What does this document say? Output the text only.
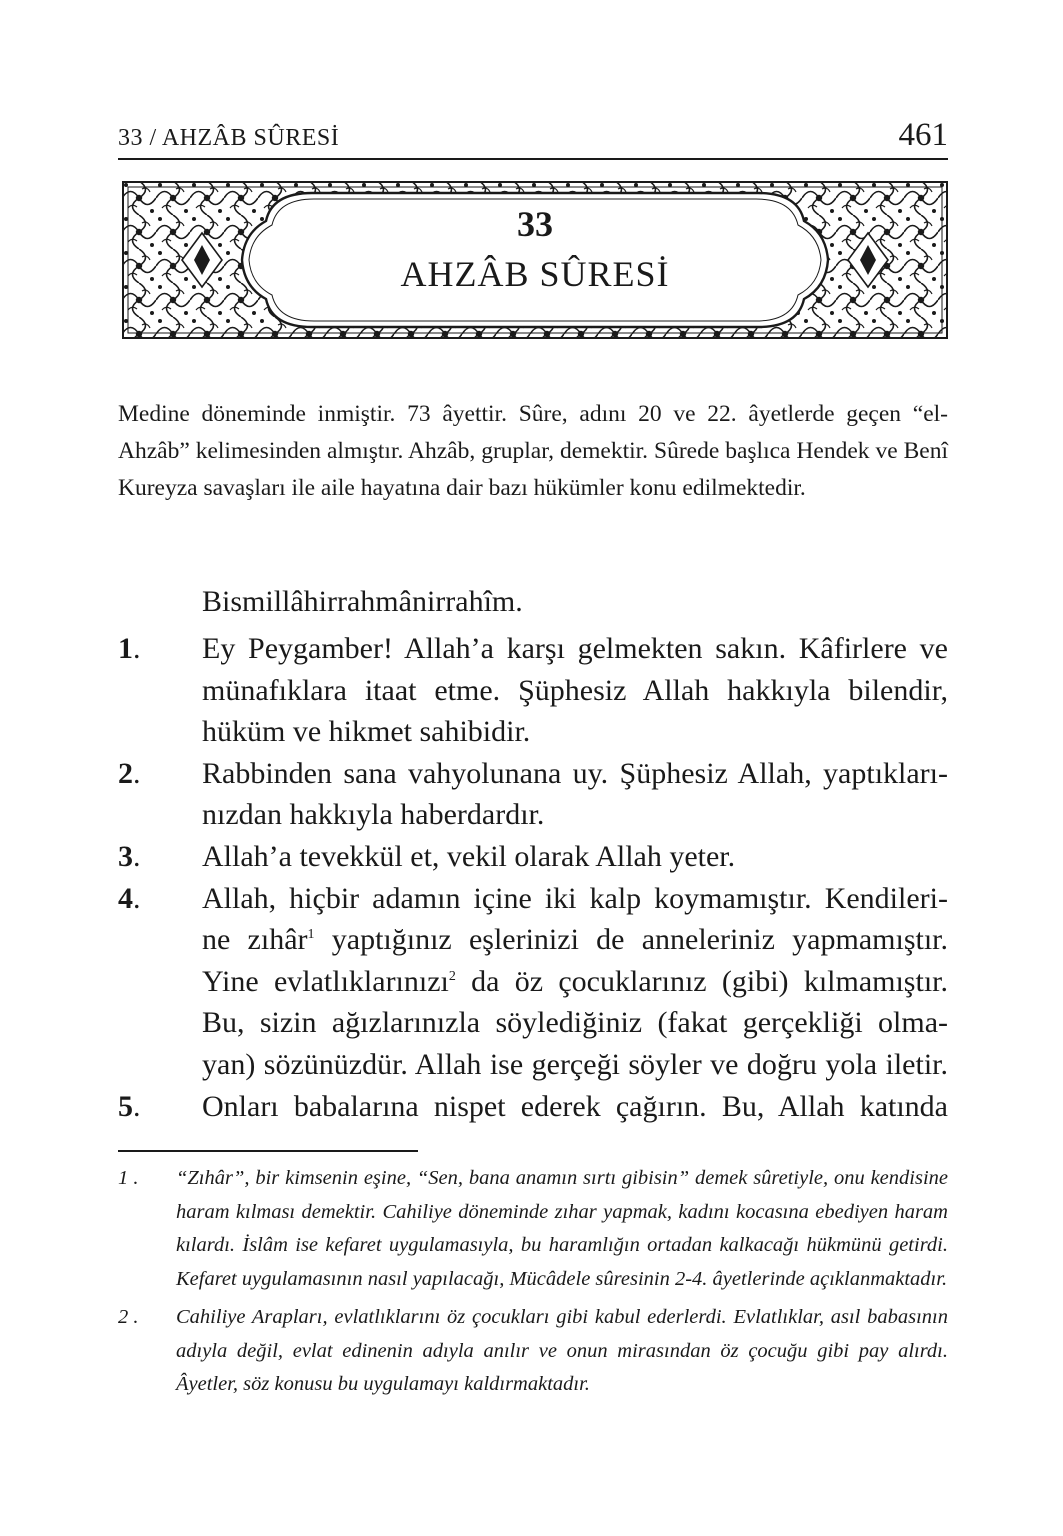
33 / AHZÂB SÛRESİ	461
33
AHZÂB SÛRESİ

Medine döneminde inmiştir. 73 âyettir. Sûre, adını 20 ve 22. âyetlerde geçen “el-Ahzâb” kelimesinden almıştır. Ahzâb, gruplar, demektir. Sûrede başlıca Hendek ve Benî Kureyza savaşları ile aile hayatına dair bazı hükümler konu edilmektedir.

Bismillâhirrahmânirrahîm.
1. Ey Peygamber! Allah’a karşı gelmekten sakın. Kâfirlere ve
münafıklara itaat etme. Şüphesiz Allah hakkıyla bilendir,
hüküm ve hikmet sahibidir.
2. Rabbinden sana vahyolunana uy. Şüphesiz Allah, yaptıkları-
nızdan hakkıyla haberdardır.
3. Allah’a tevekkül et, vekil olarak Allah yeter.
4. Allah, hiçbir adamın içine iki kalp koymamıştır. Kendileri-
ne zıhâr$^1$ yaptığınız eşlerinizi de anneleriniz yapmamıştır.
Yine evlatlıklarınızı$^2$ da öz çocuklarınız (gibi) kılmamıştır.
Bu, sizin ağızlarınızla söylediğiniz (fakat gerçekliği olma-
yan) sözünüzdür. Allah ise gerçeği söyler ve doğru yola iletir.
5. Onları babalarına nispet ederek çağırın. Bu, Allah katında
1 . “Zıhâr”, bir kimsenin eşine, “Sen, bana anamın sırtı gibisin” demek sûretiyle, onu kendisine haram kılması demektir. Cahiliye döneminde zıhar yapmak, kadını kocasına ebediyen haram kılardı. İslâm ise kefaret uygulamasıyla, bu haramlığın ortadan kalkacağı hükmünü getirdi. Kefaret uygulamasının nasıl yapılacağı, Mücâdele sûresinin 2-4. âyetlerinde açıklanmaktadır.
2 . Cahiliye Arapları, evlatlıklarını öz çocukları gibi kabul ederlerdi. Evlatlıklar, asıl babasının adıyla değil, evlat edinenin adıyla anılır ve onun mirasından öz çocuğu gibi pay alırdı. Âyetler, söz konusu bu uygulamayı kaldırmaktadır.
